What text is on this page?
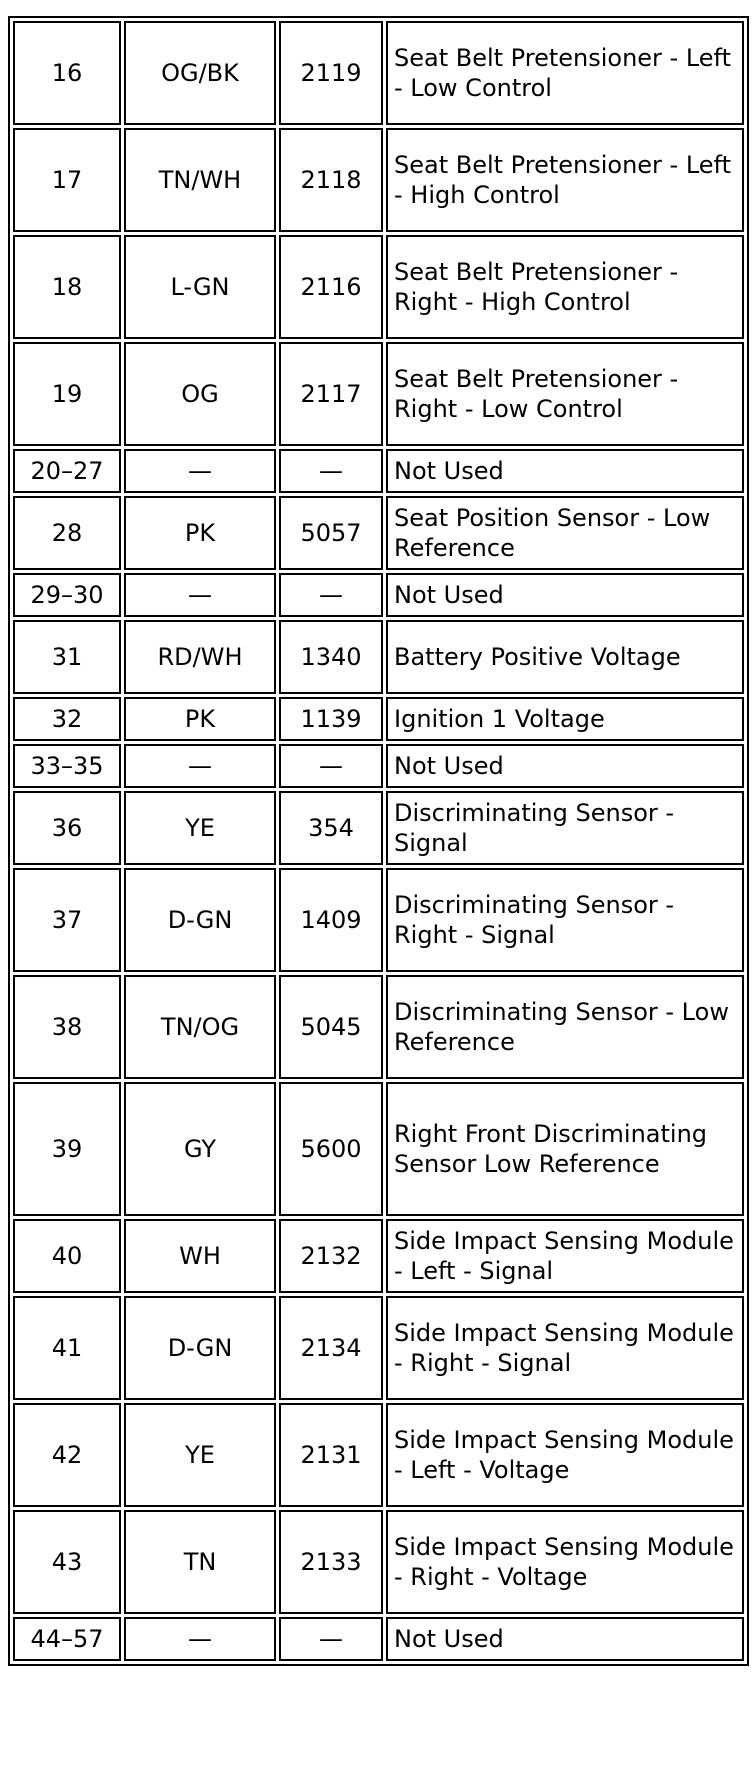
16	OG/BK	2119	Seat Belt Pretensioner - Left - Low Control
17	TN/WH	2118	Seat Belt Pretensioner - Left - High Control
18	L-GN	2116	Seat Belt Pretensioner - Right - High Control
19	OG	2117	Seat Belt Pretensioner - Right - Low Control
20–27	—	—	Not Used
28	PK	5057	Seat Position Sensor - Low Reference
29–30	—	—	Not Used
31	RD/WH	1340	Battery Positive Voltage
32	PK	1139	Ignition 1 Voltage
33–35	—	—	Not Used
36	YE	354	Discriminating Sensor - Signal
37	D-GN	1409	Discriminating Sensor - Right - Signal
38	TN/OG	5045	Discriminating Sensor - Low Reference
39	GY	5600	Right Front Discriminating Sensor Low Reference
40	WH	2132	Side Impact Sensing Module - Left - Signal
41	D-GN	2134	Side Impact Sensing Module - Right - Signal
42	YE	2131	Side Impact Sensing Module - Left - Voltage
43	TN	2133	Side Impact Sensing Module - Right - Voltage
44–57	—	—	Not Used
